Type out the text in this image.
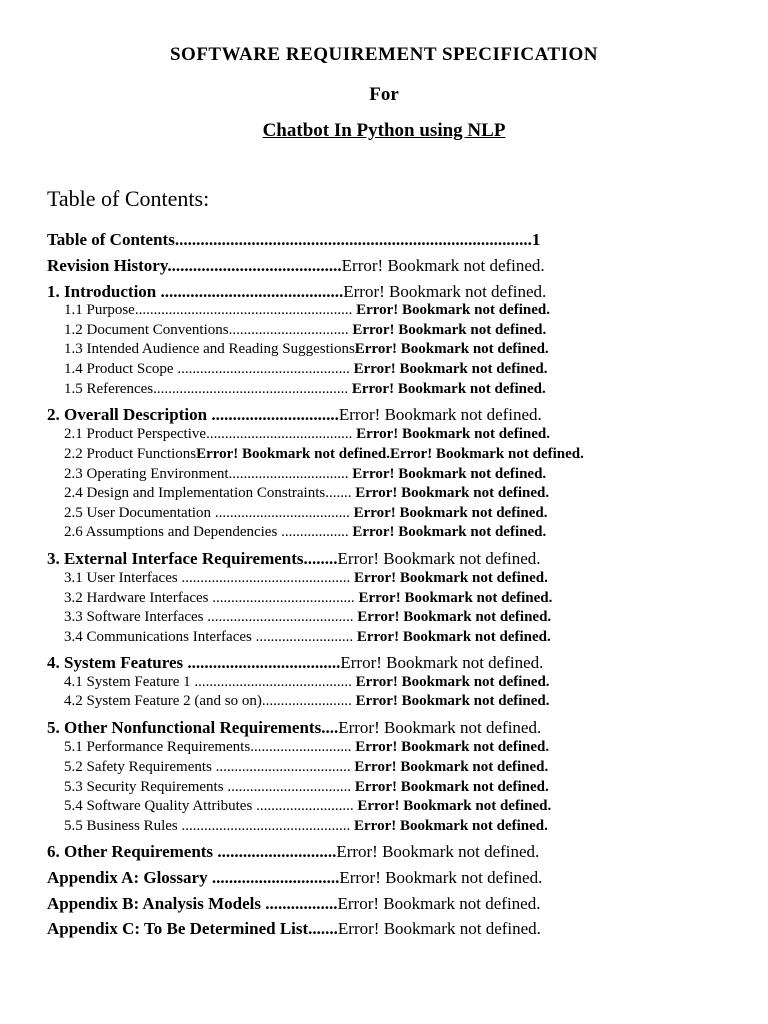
SOFTWARE REQUIREMENT SPECIFICATION
For
Chatbot In Python using NLP
Table of Contents:
Table of Contents....................................................................................1
Revision History.........................................Error! Bookmark not defined.
1. Introduction ...........................................Error! Bookmark not defined.
1.1 Purpose.......................................................... Error! Bookmark not defined.
1.2 Document Conventions................................ Error! Bookmark not defined.
1.3 Intended Audience and Reading SuggestionsError! Bookmark not defined.
1.4 Product Scope .............................................. Error! Bookmark not defined.
1.5 References.................................................... Error! Bookmark not defined.
2. Overall Description ..............................Error! Bookmark not defined.
2.1 Product Perspective....................................... Error! Bookmark not defined.
2.2 Product FunctionsError! Bookmark not defined.Error! Bookmark not defined.
2.3 Operating Environment................................ Error! Bookmark not defined.
2.4 Design and Implementation Constraints....... Error! Bookmark not defined.
2.5 User Documentation .................................... Error! Bookmark not defined.
2.6 Assumptions and Dependencies .................. Error! Bookmark not defined.
3. External Interface Requirements........Error! Bookmark not defined.
3.1 User Interfaces ............................................. Error! Bookmark not defined.
3.2 Hardware Interfaces ...................................... Error! Bookmark not defined.
3.3 Software Interfaces ....................................... Error! Bookmark not defined.
3.4 Communications Interfaces .......................... Error! Bookmark not defined.
4. System Features ....................................Error! Bookmark not defined.
4.1 System Feature 1 .......................................... Error! Bookmark not defined.
4.2 System Feature 2 (and so on)........................ Error! Bookmark not defined.
5. Other Nonfunctional Requirements....Error! Bookmark not defined.
5.1 Performance Requirements........................... Error! Bookmark not defined.
5.2 Safety Requirements .................................... Error! Bookmark not defined.
5.3 Security Requirements ................................. Error! Bookmark not defined.
5.4 Software Quality Attributes .......................... Error! Bookmark not defined.
5.5 Business Rules ............................................. Error! Bookmark not defined.
6. Other Requirements ............................Error! Bookmark not defined.
Appendix A: Glossary ..............................Error! Bookmark not defined.
Appendix B: Analysis Models .................Error! Bookmark not defined.
Appendix C: To Be Determined List.......Error! Bookmark not defined.
